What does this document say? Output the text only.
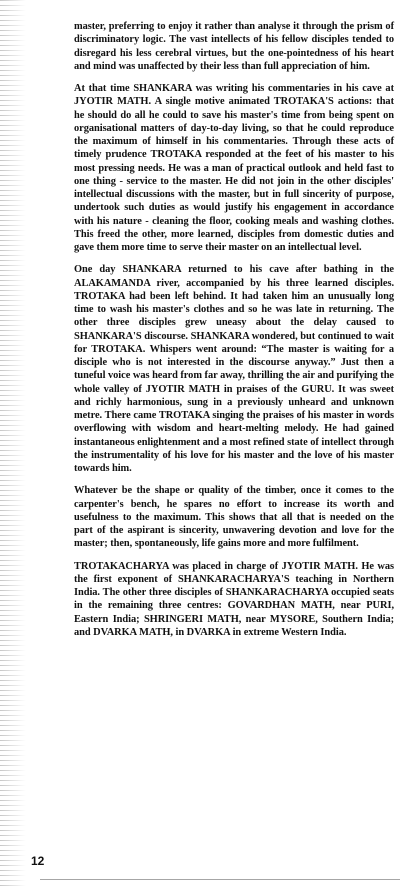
master, preferring to enjoy it rather than analyse it through the prism of discriminatory logic. The vast intellects of his fellow disciples tended to disregard his less cerebral virtues, but the one-pointedness of his heart and mind was unaffected by their less than full appreciation of him.

At that time SHANKARA was writing his commentaries in his cave at JYOTIR MATH. A single motive animated TROTAKA'S actions: that he should do all he could to save his master's time from being spent on organisational matters of day-to-day living, so that he could reproduce the maximum of himself in his commentaries. Through these acts of timely prudence TROTAKA responded at the feet of his master to his most pressing needs. He was a man of practical outlook and held fast to one thing - service to the master. He did not join in the other disciples' intellectual discussions with the master, but in full sincerity of purpose, undertook such duties as would justify his engagement in accordance with his nature - cleaning the floor, cooking meals and washing clothes. This freed the other, more learned, disciples from domestic duties and gave them more time to serve their master on an intellectual level.

One day SHANKARA returned to his cave after bathing in the ALAKAMANDA river, accompanied by his three learned disciples. TROTAKA had been left behind. It had taken him an unusually long time to wash his master's clothes and so he was late in returning. The other three disciples grew uneasy about the delay caused to SHANKARA'S discourse. SHANKARA wondered, but continued to wait for TROTAKA. Whispers went around: “The master is waiting for a disciple who is not interested in the discourse anyway.” Just then a tuneful voice was heard from far away, thrilling the air and purifying the whole valley of JYOTIR MATH in praises of the GURU. It was sweet and richly harmonious, sung in a previously unheard and unknown metre. There came TROTAKA singing the praises of his master in words overflowing with wisdom and heart-melting melody. He had gained instantaneous enlightenment and a most refined state of intellect through the instrumentality of his love for his master and the love of his master towards him.

Whatever be the shape or quality of the timber, once it comes to the carpenter's bench, he spares no effort to increase its worth and usefulness to the maximum. This shows that all that is needed on the part of the aspirant is sincerity, unwavering devotion and love for the master; then, spontaneously, life gains more and more fulfilment.

TROTAKACHARYA was placed in charge of JYOTIR MATH. He was the first exponent of SHANKARACHARYA'S teaching in Northern India. The other three disciples of SHANKARACHARYA occupied seats in the remaining three centres: GOVARDHAN MATH, near PURI, Eastern India; SHRINGERI MATH, near MYSORE, Southern India; and DVARKA MATH, in DVARKA in extreme Western India.

12
